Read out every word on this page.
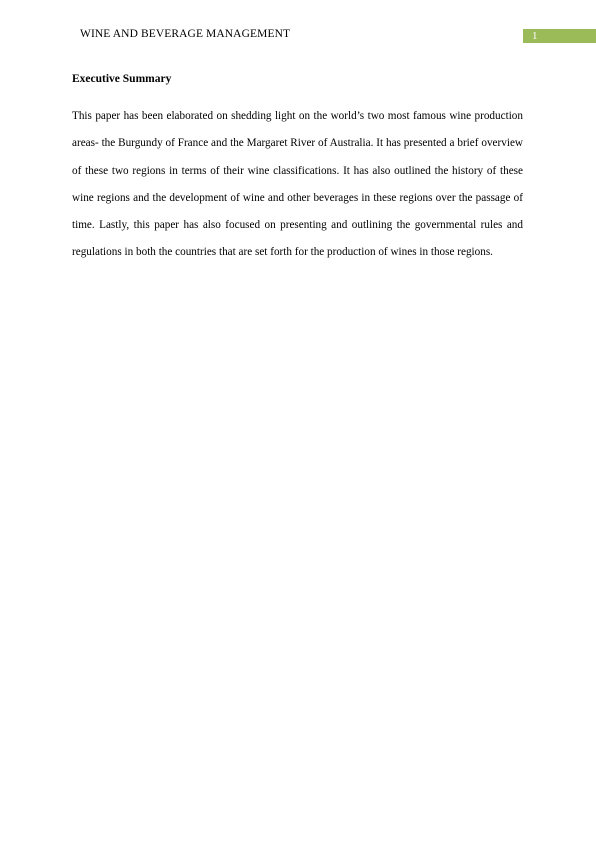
WINE AND BEVERAGE MANAGEMENT	1
Executive Summary

This paper has been elaborated on shedding light on the world’s two most famous wine production areas- the Burgundy of France and the Margaret River of Australia. It has presented a brief overview of these two regions in terms of their wine classifications. It has also outlined the history of these wine regions and the development of wine and other beverages in these regions over the passage of time. Lastly, this paper has also focused on presenting and outlining the governmental rules and regulations in both the countries that are set forth for the production of wines in those regions.
